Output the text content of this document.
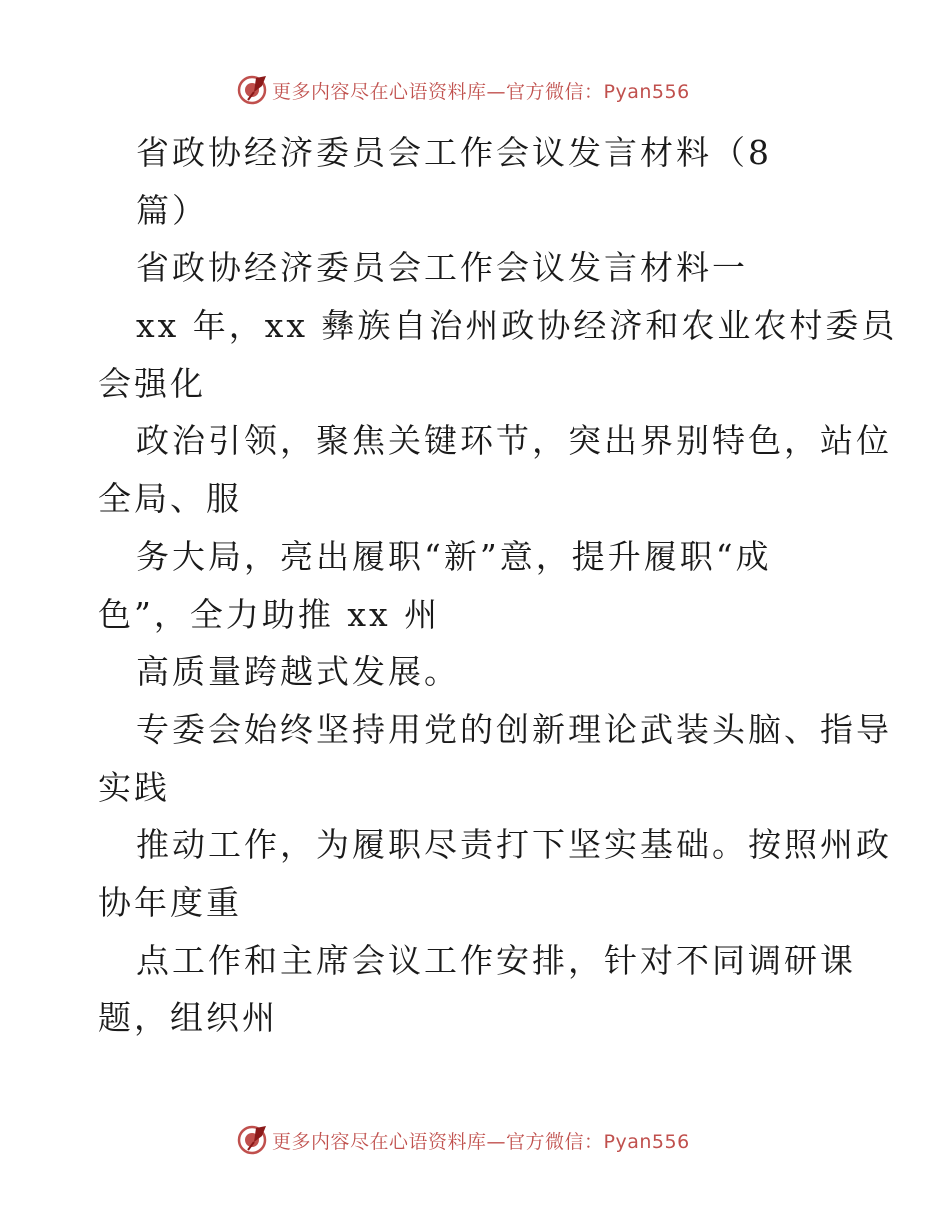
更多内容尽在心语资料库—官方微信：Pyan556
省政协经济委员会工作会议发言材料（8
篇）
省政协经济委员会工作会议发言材料一
xx 年，xx 彝族自治州政协经济和农业农村委员
会强化
政治引领，聚焦关键环节，突出界别特色，站位
全局、服
务大局，亮出履职“新”意，提升履职“成
色”，全力助推 xx 州
高质量跨越式发展。
专委会始终坚持用党的创新理论武装头脑、指导
实践
推动工作，为履职尽责打下坚实基础。按照州政
协年度重
点工作和主席会议工作安排，针对不同调研课
题，组织州
更多内容尽在心语资料库—官方微信：Pyan556
